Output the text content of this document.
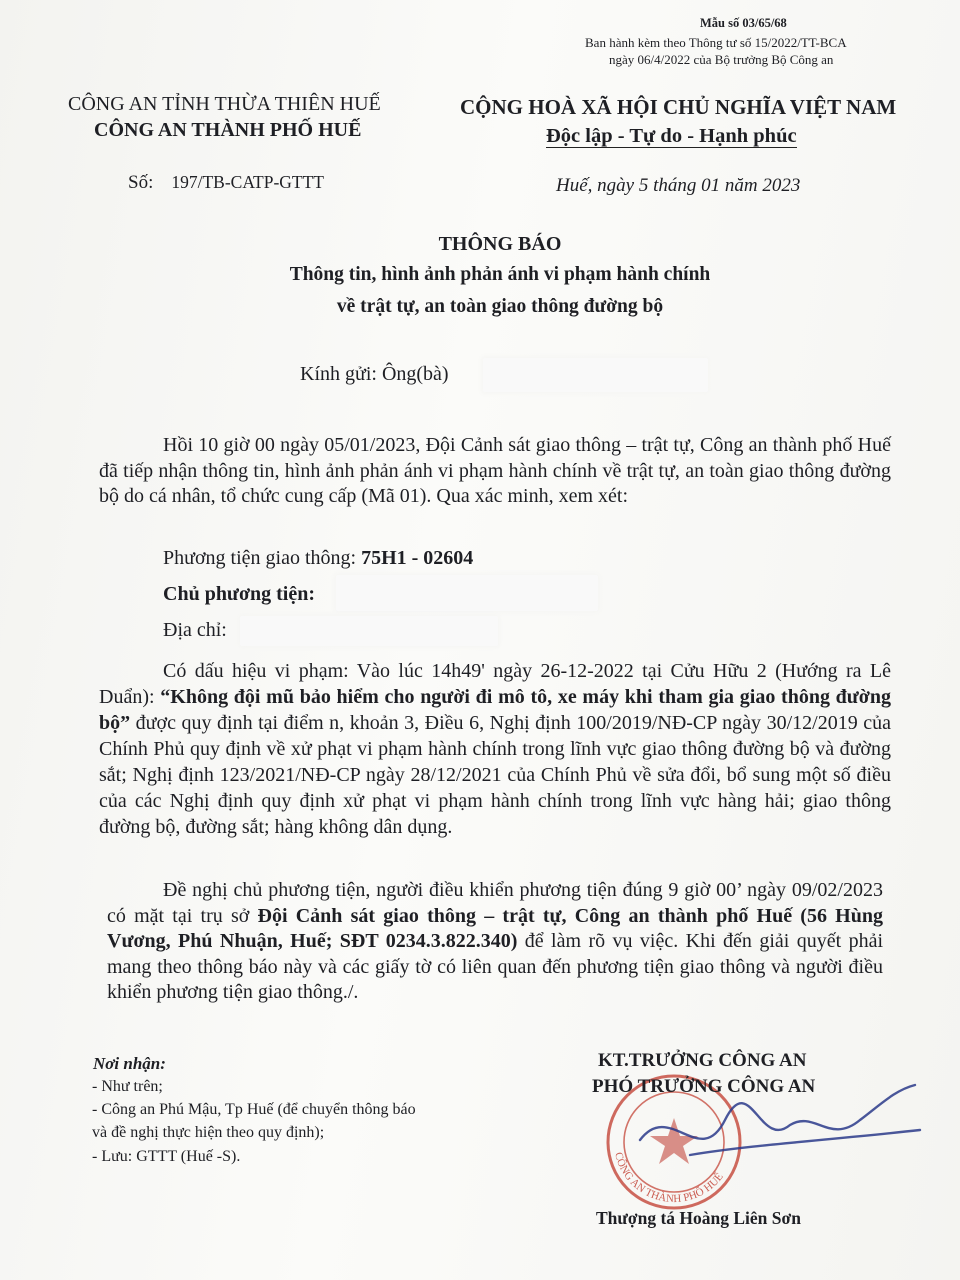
Mẫu số 03/65/68
Ban hành kèm theo Thông tư số 15/2022/TT-BCA
ngày 06/4/2022 của Bộ trưởng Bộ Công an
CÔNG AN TỈNH THỪA THIÊN HUẾ
CÔNG AN THÀNH PHỐ HUẾ
CỘNG HOÀ XÃ HỘI CHỦ NGHĨA VIỆT NAM
Độc lập - Tự do - Hạnh phúc
Số: 197/TB-CATP-GTTT	Huế, ngày 5 tháng 01 năm 2023
THÔNG BÁO
Thông tin, hình ảnh phản ánh vi phạm hành chính
về trật tự, an toàn giao thông đường bộ
Kính gửi: Ông(bà)
Hồi 10 giờ 00 ngày 05/01/2023, Đội Cảnh sát giao thông – trật tự, Công an thành phố Huế đã tiếp nhận thông tin, hình ảnh phản ánh vi phạm hành chính về trật tự, an toàn giao thông đường bộ do cá nhân, tổ chức cung cấp (Mã 01). Qua xác minh, xem xét:
Phương tiện giao thông: 75H1 - 02604
Chủ phương tiện:
Địa chỉ:
Có dấu hiệu vi phạm: Vào lúc 14h49' ngày 26-12-2022 tại Cửu Hữu 2 (Hướng ra Lê Duẩn): “Không đội mũ bảo hiểm cho người đi mô tô, xe máy khi tham gia giao thông đường bộ” được quy định tại điểm n, khoản 3, Điều 6, Nghị định 100/2019/NĐ-CP ngày 30/12/2019 của Chính Phủ quy định về xử phạt vi phạm hành chính trong lĩnh vực giao thông đường bộ và đường sắt; Nghị định 123/2021/NĐ-CP ngày 28/12/2021 của Chính Phủ về sửa đổi, bổ sung một số điều của các Nghị định quy định xử phạt vi phạm hành chính trong lĩnh vực hàng hải; giao thông đường bộ, đường sắt; hàng không dân dụng.
Đề nghị chủ phương tiện, người điều khiển phương tiện đúng 9 giờ 00’ ngày 09/02/2023 có mặt tại trụ sở Đội Cảnh sát giao thông – trật tự, Công an thành phố Huế (56 Hùng Vương, Phú Nhuận, Huế; SĐT 0234.3.822.340) để làm rõ vụ việc. Khi đến giải quyết phải mang theo thông báo này và các giấy tờ có liên quan đến phương tiện giao thông và người điều khiển phương tiện giao thông./.
Nơi nhận:
- Như trên;
- Công an Phú Mậu, Tp Huế (để chuyển thông báo
và đề nghị thực hiện theo quy định);
- Lưu: GTTT (Huế -S).	CÔNG AN THÀNH PHỐ HUẾ
KT.TRƯỞNG CÔNG AN
PHÓ TRƯỞNG CÔNG AN
Thượng tá Hoàng Liên Sơn
